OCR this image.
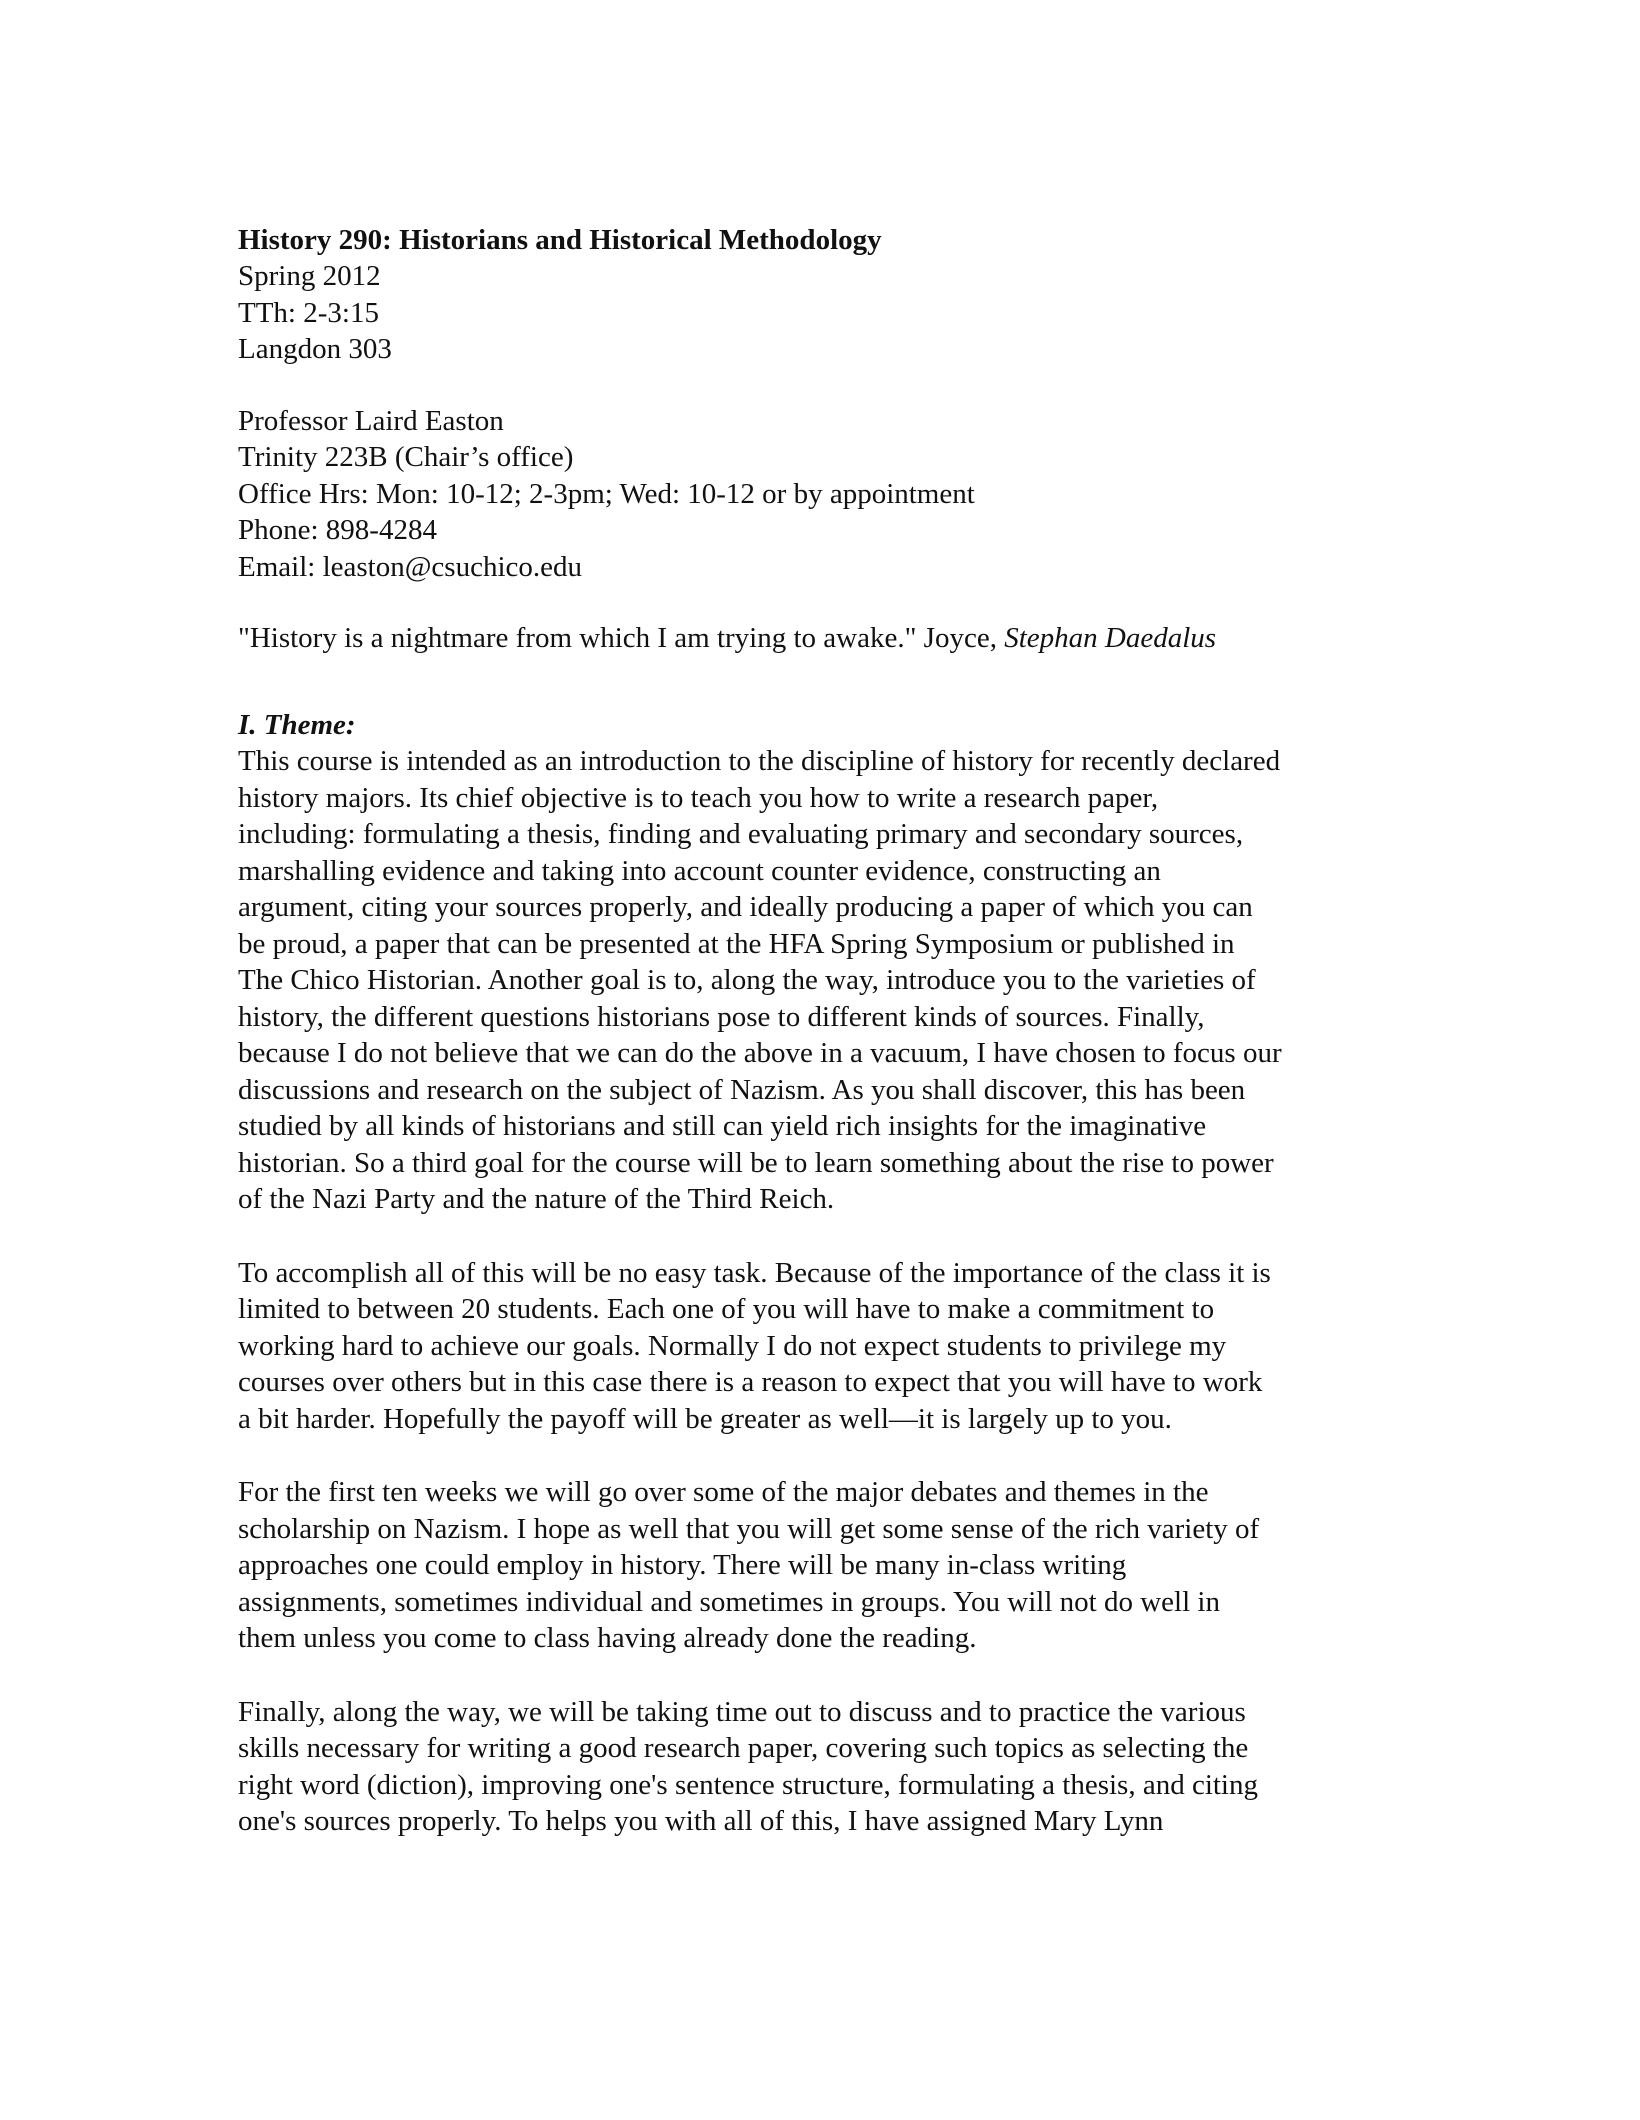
History 290: Historians and Historical Methodology
Spring 2012
TTh: 2-3:15
Langdon 303
Professor Laird Easton
Trinity 223B (Chair’s office)
Office Hrs: Mon: 10-12; 2-3pm; Wed: 10-12 or by appointment
Phone: 898-4284
Email: leaston@csuchico.edu
"History is a nightmare from which I am trying to awake." Joyce, Stephan Daedalus
I. Theme:
This course is intended as an introduction to the discipline of history for recently declared
history majors. Its chief objective is to teach you how to write a research paper,
including: formulating a thesis, finding and evaluating primary and secondary sources,
marshalling evidence and taking into account counter evidence, constructing an
argument, citing your sources properly, and ideally producing a paper of which you can
be proud, a paper that can be presented at the HFA Spring Symposium or published in
The Chico Historian. Another goal is to, along the way, introduce you to the varieties of
history, the different questions historians pose to different kinds of sources. Finally,
because I do not believe that we can do the above in a vacuum, I have chosen to focus our
discussions and research on the subject of Nazism. As you shall discover, this has been
studied by all kinds of historians and still can yield rich insights for the imaginative
historian. So a third goal for the course will be to learn something about the rise to power
of the Nazi Party and the nature of the Third Reich.
To accomplish all of this will be no easy task. Because of the importance of the class it is
limited to between 20 students. Each one of you will have to make a commitment to
working hard to achieve our goals. Normally I do not expect students to privilege my
courses over others but in this case there is a reason to expect that you will have to work
a bit harder. Hopefully the payoff will be greater as well—it is largely up to you.
For the first ten weeks we will go over some of the major debates and themes in the
scholarship on Nazism. I hope as well that you will get some sense of the rich variety of
approaches one could employ in history. There will be many in-class writing
assignments, sometimes individual and sometimes in groups. You will not do well in
them unless you come to class having already done the reading.
Finally, along the way, we will be taking time out to discuss and to practice the various
skills necessary for writing a good research paper, covering such topics as selecting the
right word (diction), improving one's sentence structure, formulating a thesis, and citing
one's sources properly. To helps you with all of this, I have assigned Mary Lynn
